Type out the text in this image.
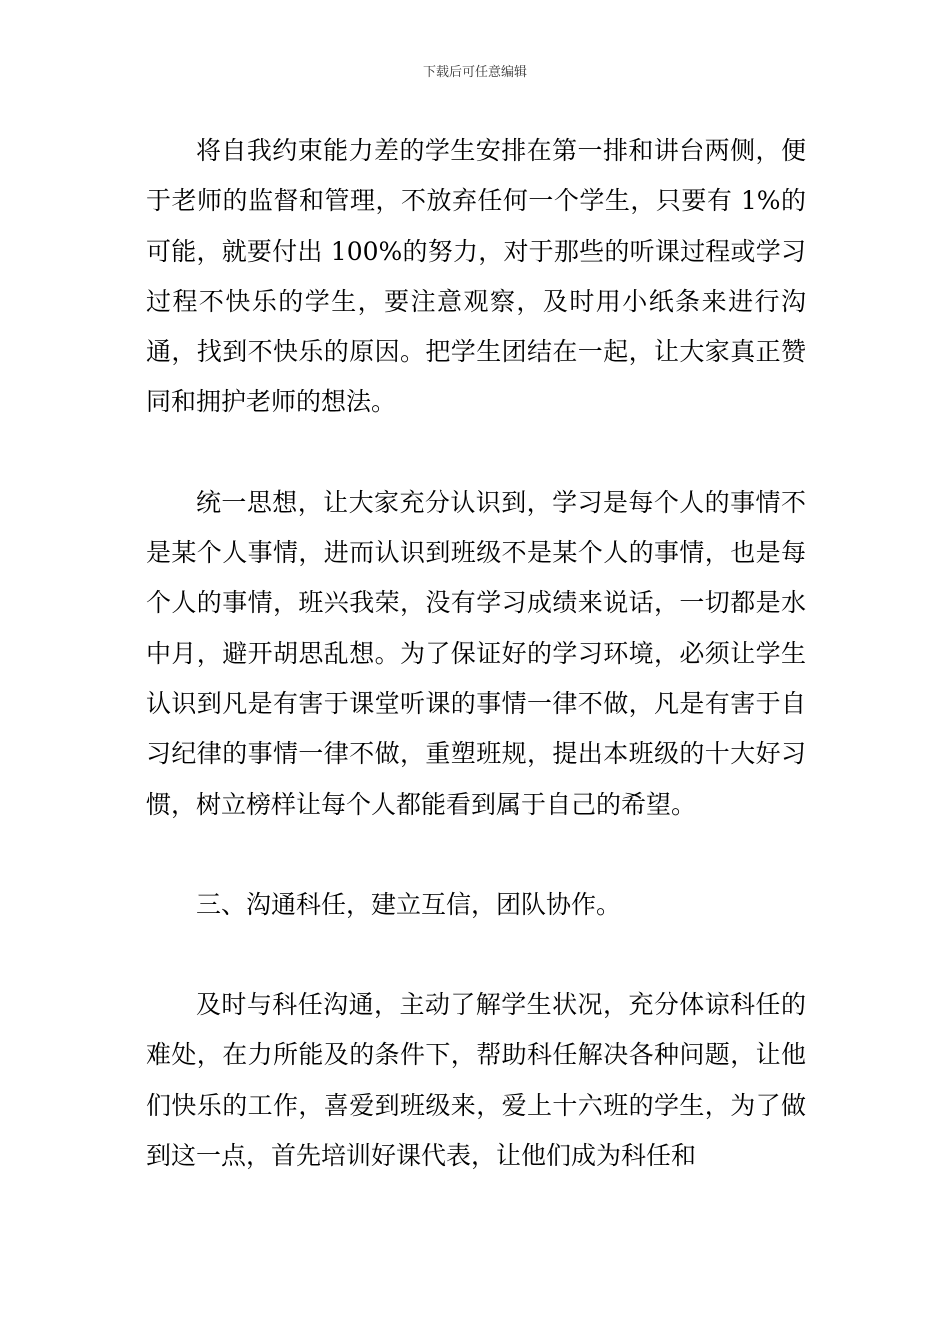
下载后可任意编辑

将自我约束能力差的学生安排在第一排和讲台两侧，便于老师的监督和管理，不放弃任何一个学生，只要有 1%的可能，就要付出 100%的努力，对于那些的听课过程或学习过程不快乐的学生，要注意观察，及时用小纸条来进行沟通，找到不快乐的原因。把学生团结在一起，让大家真正赞同和拥护老师的想法。

统一思想，让大家充分认识到，学习是每个人的事情不是某个人事情，进而认识到班级不是某个人的事情，也是每个人的事情，班兴我荣，没有学习成绩来说话，一切都是水中月，避开胡思乱想。为了保证好的学习环境，必须让学生认识到凡是有害于课堂听课的事情一律不做，凡是有害于自习纪律的事情一律不做，重塑班规，提出本班级的十大好习惯，树立榜样让每个人都能看到属于自己的希望。

三、沟通科任，建立互信，团队协作。

及时与科任沟通，主动了解学生状况，充分体谅科任的难处，在力所能及的条件下，帮助科任解决各种问题，让他们快乐的工作，喜爱到班级来，爱上十六班的学生，为了做到这一点，首先培训好课代表，让他们成为科任和
